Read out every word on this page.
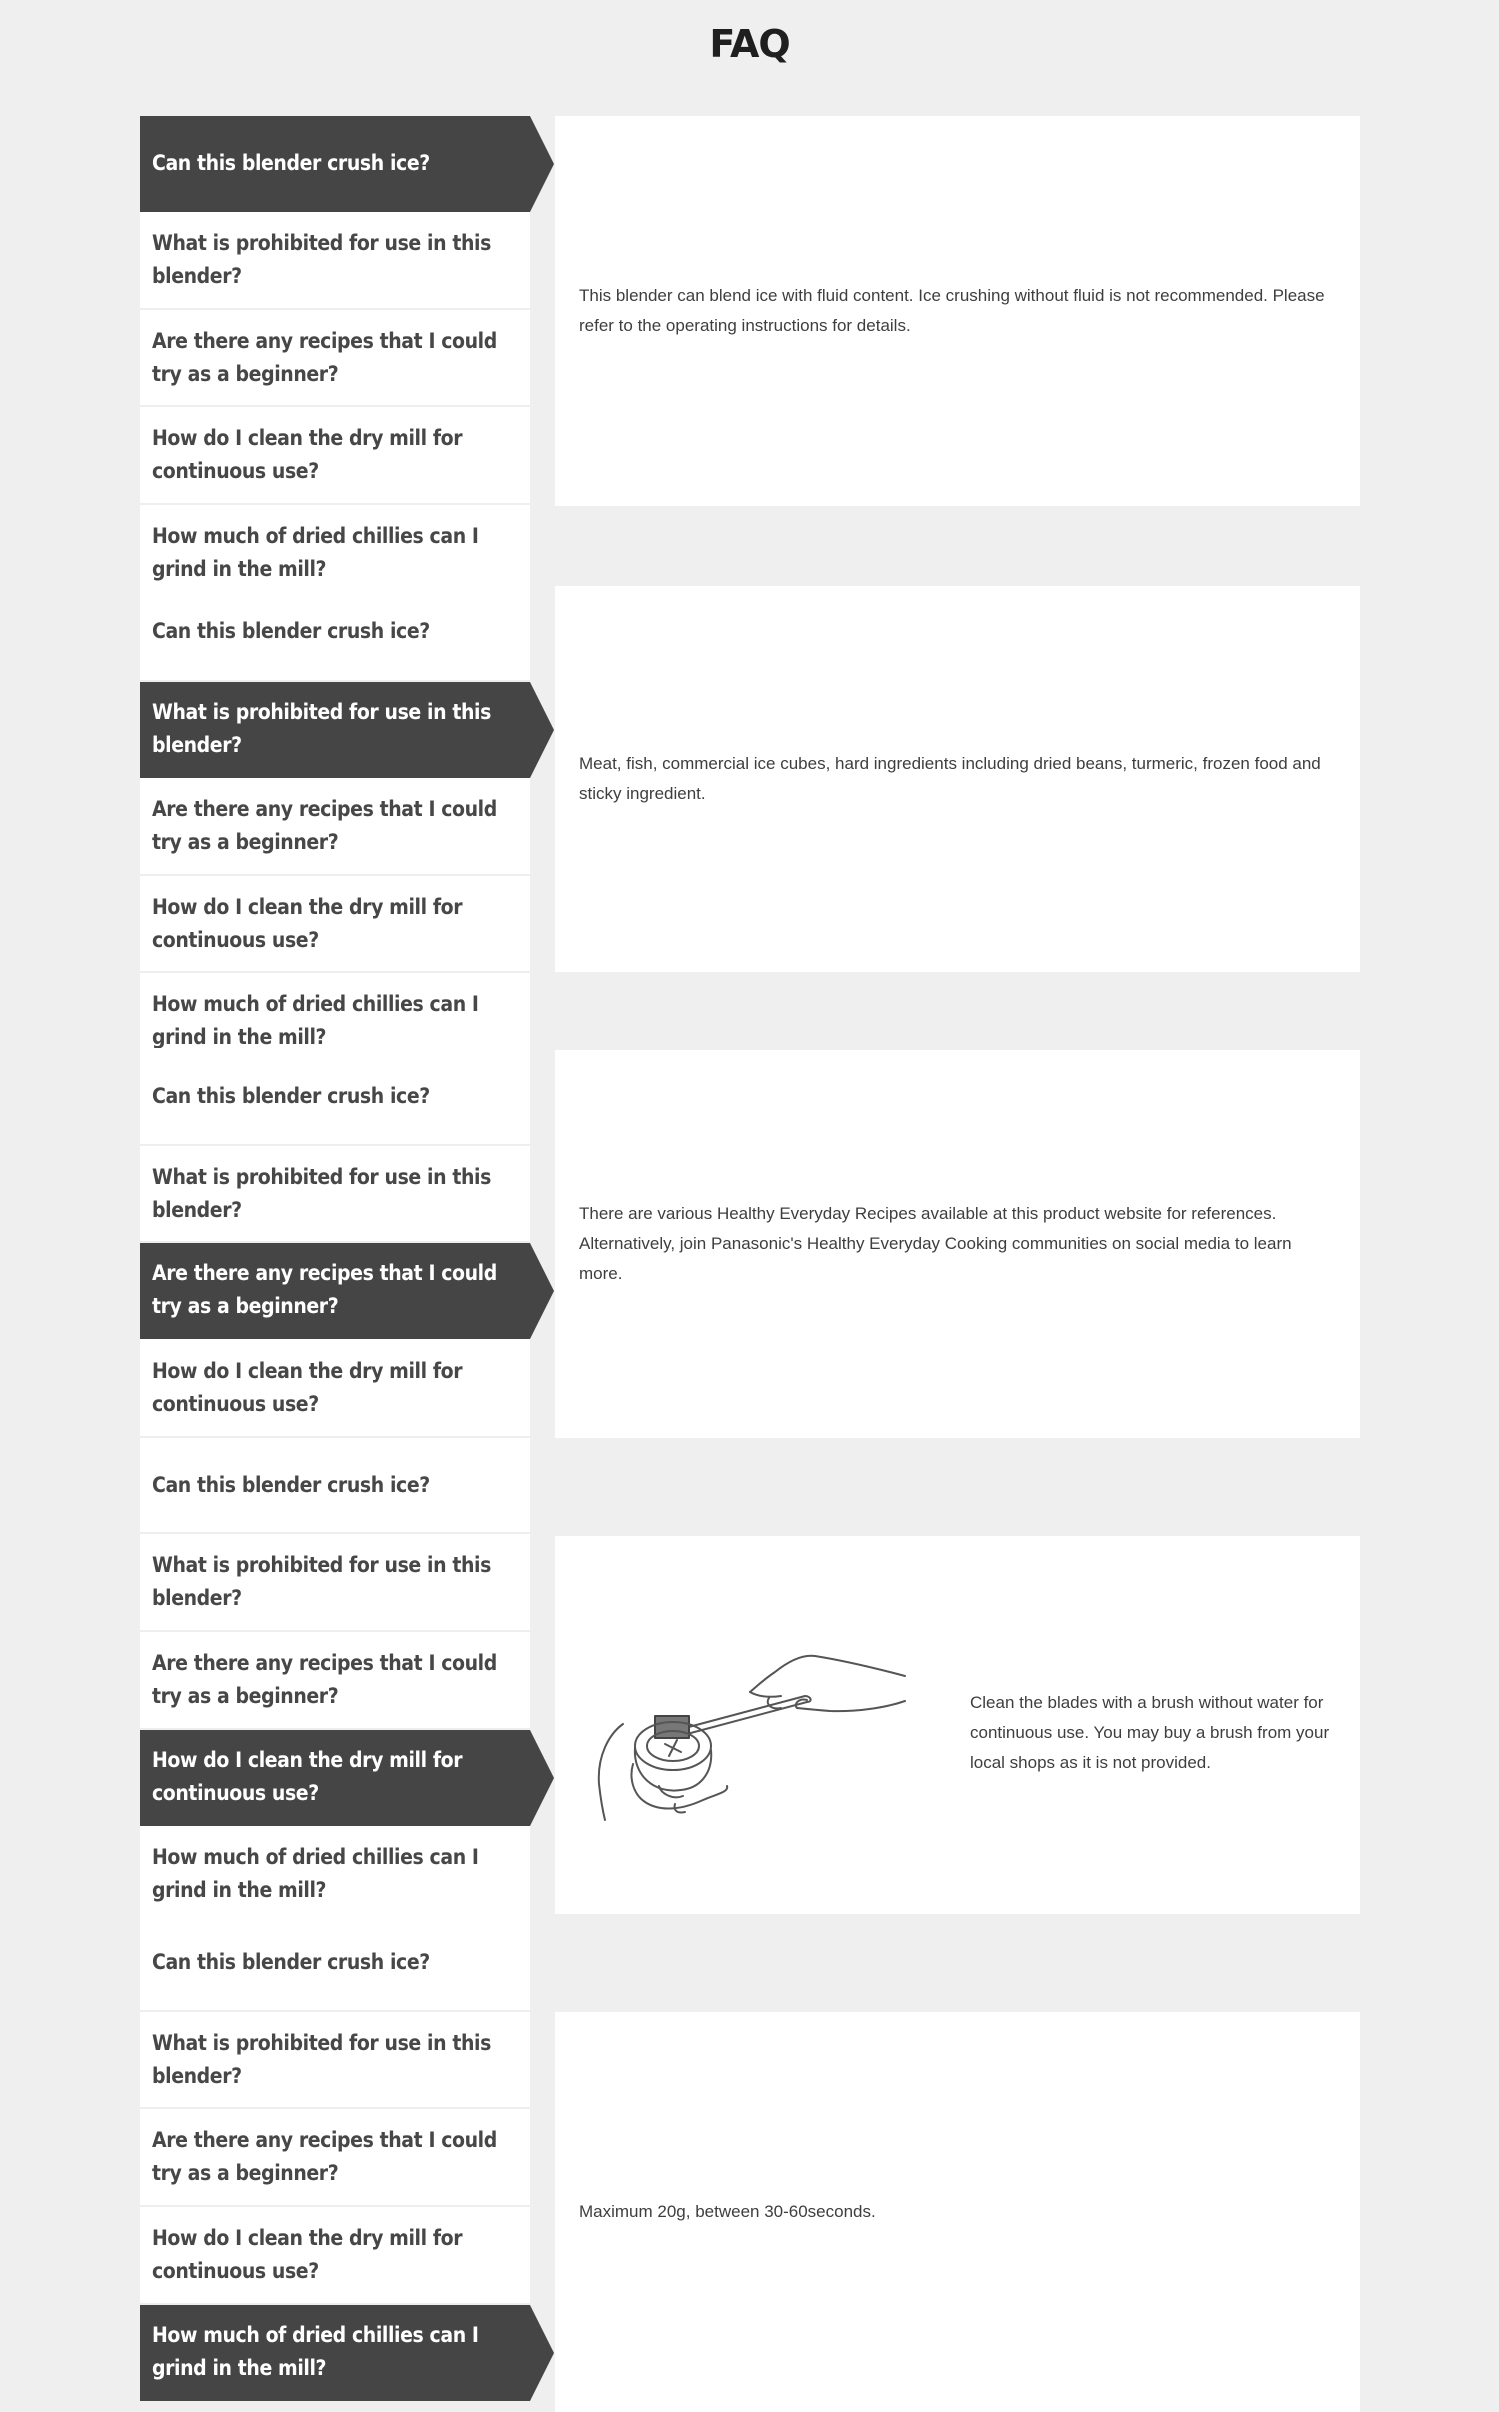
FAQ
Can this blender crush ice?
What is prohibited for use in this blender?
Are there any recipes that I could try as a beginner?
How do I clean the dry mill for continuous use?
How much of dried chillies can I grind in the mill?

This blender can blend ice with fluid content. Ice crushing without fluid is not recommended. Please refer to the operating instructions for details.

Can this blender crush ice?
What is prohibited for use in this blender?
Are there any recipes that I could try as a beginner?
How do I clean the dry mill for continuous use?
How much of dried chillies can I grind in the mill?

Meat, fish, commercial ice cubes, hard ingredients including dried beans, turmeric, frozen food and sticky ingredient.

Can this blender crush ice?
What is prohibited for use in this blender?
Are there any recipes that I could try as a beginner?
How do I clean the dry mill for continuous use?

There are various Healthy Everyday Recipes available at this product website for references. Alternatively, join Panasonic's Healthy Everyday Cooking communities on social media to learn more.

Can this blender crush ice?
What is prohibited for use in this blender?
Are there any recipes that I could try as a beginner?
How do I clean the dry mill for continuous use?
How much of dried chillies can I grind in the mill?

Clean the blades with a brush without water for continuous use. You may buy a brush from your local shops as it is not provided.

Can this blender crush ice?
What is prohibited for use in this blender?
Are there any recipes that I could try as a beginner?
How do I clean the dry mill for continuous use?
How much of dried chillies can I grind in the mill?

Maximum 20g, between 30-60seconds.
